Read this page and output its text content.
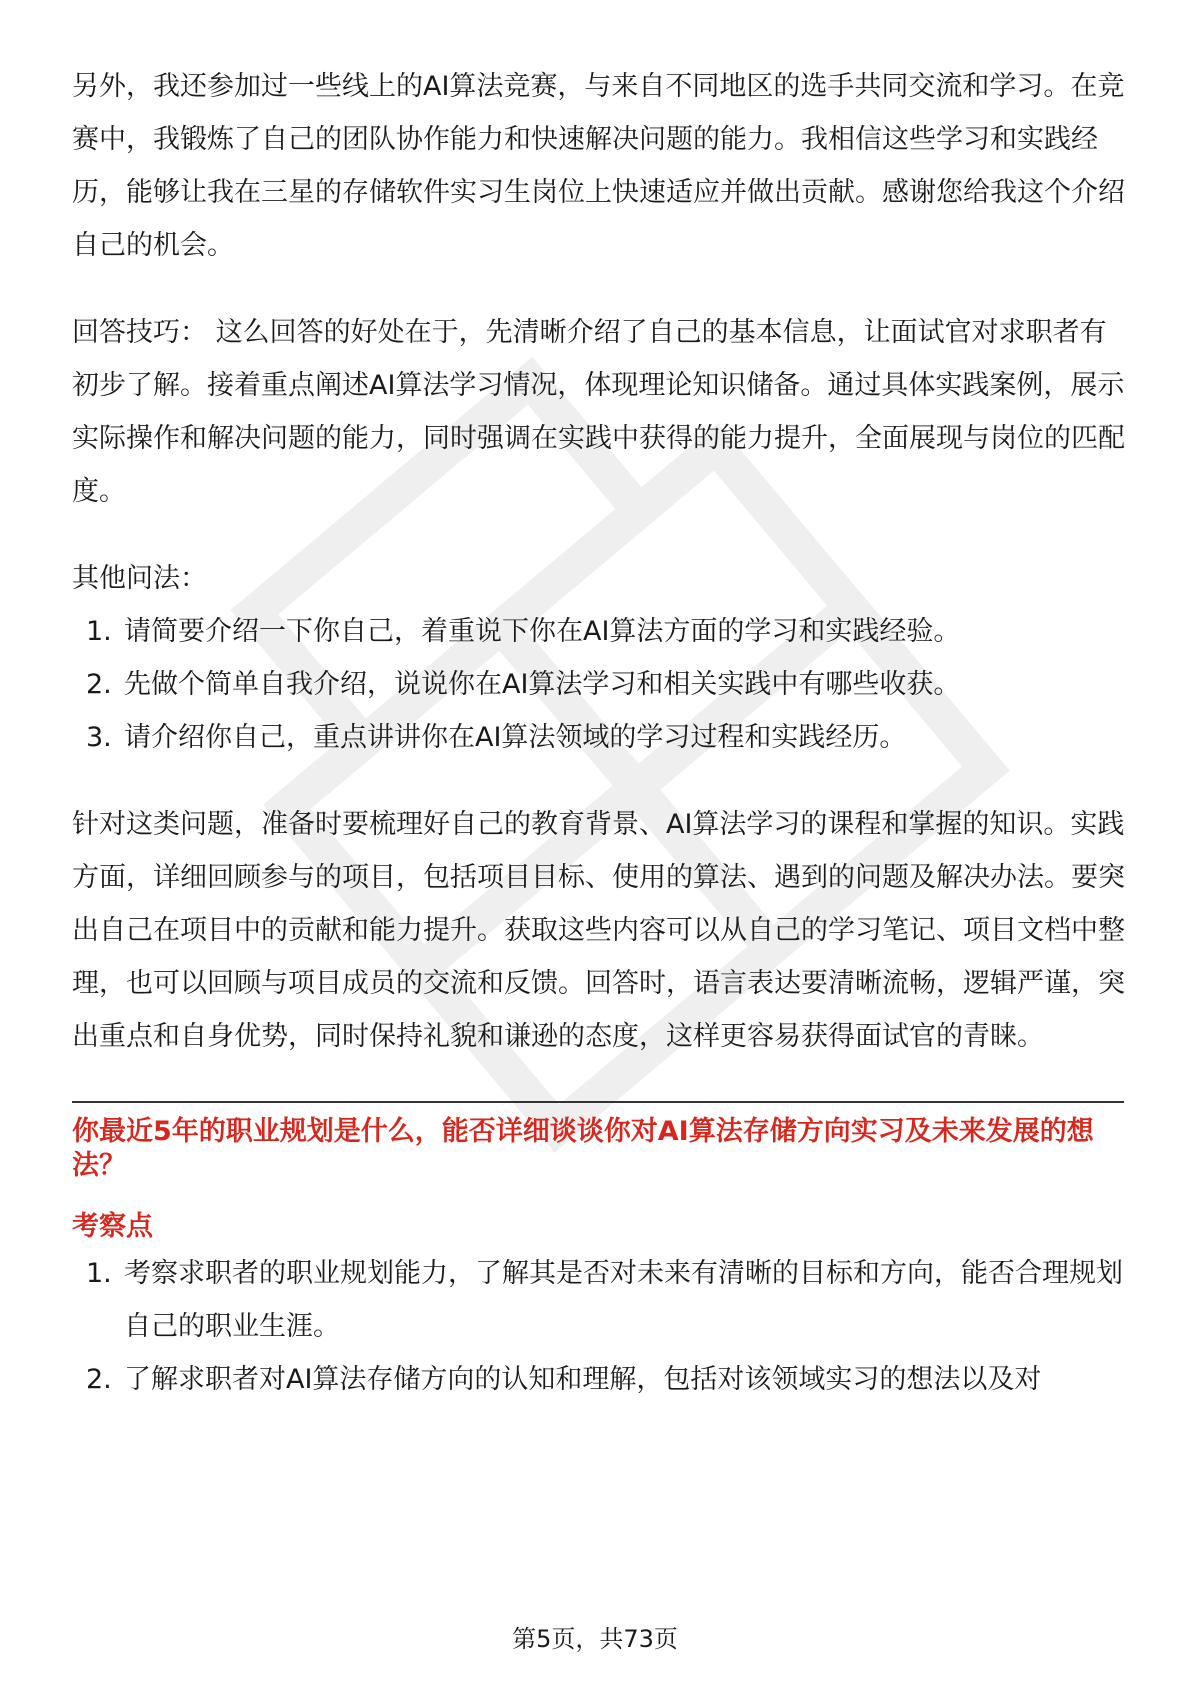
另外，我还参加过一些线上的AI算法竞赛，与来自不同地区的选手共同交流和学习。在竞赛中，我锻炼了自己的团队协作能力和快速解决问题的能力。我相信这些学习和实践经历，能够让我在三星的存储软件实习生岗位上快速适应并做出贡献。感谢您给我这个介绍自己的机会。

回答技巧： 这么回答的好处在于，先清晰介绍了自己的基本信息，让面试官对求职者有初步了解。接着重点阐述AI算法学习情况，体现理论知识储备。通过具体实践案例，展示实际操作和解决问题的能力，同时强调在实践中获得的能力提升，全面展现与岗位的匹配度。

其他问法：

1. 请简要介绍一下你自己，着重说下你在AI算法方面的学习和实践经验。
2. 先做个简单自我介绍，说说你在AI算法学习和相关实践中有哪些收获。
3. 请介绍你自己，重点讲讲你在AI算法领域的学习过程和实践经历。

针对这类问题，准备时要梳理好自己的教育背景、AI算法学习的课程和掌握的知识。实践方面，详细回顾参与的项目，包括项目目标、使用的算法、遇到的问题及解决办法。要突出自己在项目中的贡献和能力提升。获取这些内容可以从自己的学习笔记、项目文档中整理，也可以回顾与项目成员的交流和反馈。回答时，语言表达要清晰流畅，逻辑严谨，突出重点和自身优势，同时保持礼貌和谦逊的态度，这样更容易获得面试官的青睐。

你最近5年的职业规划是什么，能否详细谈谈你对AI算法存储方向实习及未来发展的想法？

考察点

1. 考察求职者的职业规划能力，了解其是否对未来有清晰的目标和方向，能否合理规划自己的职业生涯。
2. 了解求职者对AI算法存储方向的认知和理解，包括对该领域实习的想法以及对
第5页，共73页
